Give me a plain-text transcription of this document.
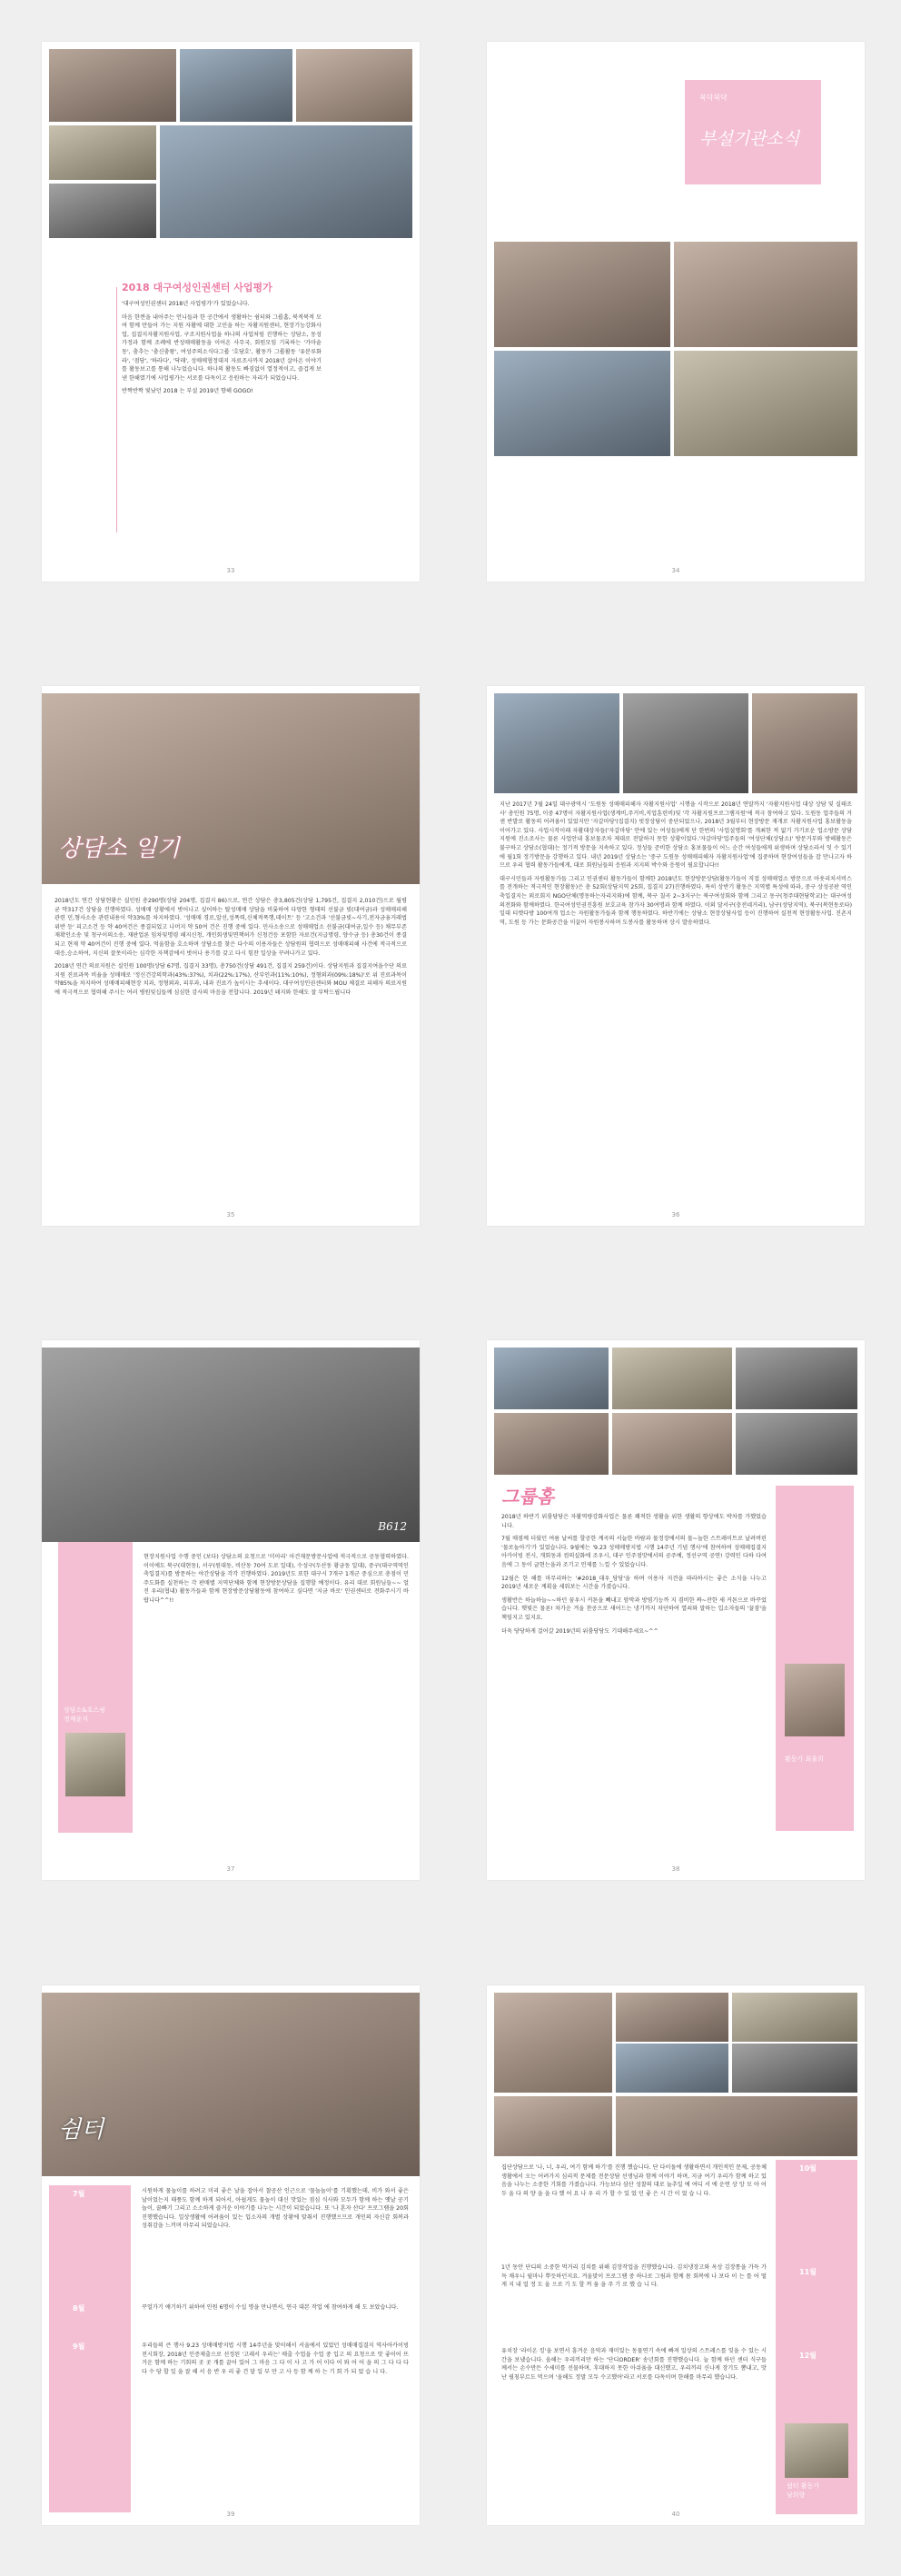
2018 대구여성인권센터 사업평가

'대구여성인권센터 2018년 사업평가'가 있었습니다.

마음 한켠을 내어주는 언니들과 한 공간에서 생활하는 쉼터와 그룹홈, 북적북적 모여 함께 만들어 가는 지원 자활에 대한 고민을 하는 자활지원센터, 현장기능강화사업, 집결지자활지원사업, 구조지원사업을 하나의 사업처럼 진행하는 상담소, 동성가정과 함께 조례에 반성매매활동을 이어온 사무국, 회원모임 기록하는 '가마솥동', 춤추는 '춤신춤왕', 여성주의소식다그룹 '호담호', 활동가 그룹활동 '유분루화라', '점당', '하라다', '닥래', 성매매협정대지 자료조사까지 2018년 살아온 이야기를 활동보고를 통해 나누었습니다. 하나의 활동도 빠짐없이 열정적이고, 즐겁게 보낸 한해였기에 사업평가는 서로를 다독이고 응원하는 자리가 되었습니다.

반짝반짝 빛났던 2018 는 부설 2019년 향해 GOGO!

33
북닥북닥
부설기관소식
34
상담소 일기

2018년도 연간 상담현황은 실인원 총290명(상담 204명, 집결지 86)으로, 연간 상담은 총3,805건(상담 1,795건, 집결지 2,010건)으로 월평균 약317건 상담을 진행하였다. 성매매 상황에서 벗어나고 싶어하는 탈성매매 상담을 비롯하여 다양한 형태의 선불금 빚(대여금)과 성매매피해관련 민,형사소송 관련내용이 약33%를 차지하였다. '성매매 경로,알선,성폭력,신체적폭행,데이트' 등 '고소건과 '선불금빚~사기,전자금융거래법위반 등' 피고소건 등 약 40여건은 종결되었고 나머지 약 50여 건은 진행 중에 있다. 민사소송으로 성매매업소 선불금(대여금,일수 등) 채무부존재확인소송 및 청구이의소송, 재판업론 임차및명령 해지신청, 개인회생및면책허가 신청건등 포함한 자료건(지급명령, 양수금 등) 총30건이 종결되고 현재 약 40여건이 진행 중에 있다. 억울함을 호소하며 상담소를 찾은 다수의 이용자들은 상담원의 협력으로 성매매피해 사건에 적극적으로 대응,승소하여, 지신의 잘못이라는 심각한 자책감에서 벗어나 용기를 갖고 다시 힘찬 일상을 꾸려나가고 있다.

2018년 연간 의료지원은 실인원 100명(상담 67명, 집결지 33명), 총750건(상담 491건, 집결지 259건)이다. 상담지원과 집결지여을수단 의료지원 진료과목 비율을 성매매로 '정신건강의학과(43%:37%), 치과(22%:17%), 산부인과(11%:10%), 정형외과(09%:18%)'로 위 진료과목이 약85%을 차지하여 성매매피해현장 치과, 정형외과, 피부과, 내과 진료가 높이시는 추세이다. 대구여성인권센터와 MOU 체결로 피해자 의료지원에 적극적으로 협력해 주시는 여러 병원및십들께 심심한 감사의 마음을 전합니다. 2019년 돼지와 한해도 잘 부탁드립니다

35

지난 2017년 7월 24일 대구광역시 '도원동 성매매피해자 자활지원사업' 시행을 시작으로 2018년 연말까지 '자활지원사업 대상 상담 및 실태조사' 총인원 75명, 이중 47명이 자활지원사업(생계비,주거비,직업훈련비)및 '각 자활지원프로그램지원'에 적극 참여하고 있다. 도원동 업주들의 거센 반발로 활동의 어려움이 있었지만 '자갈마당'(집결지) 빗장상담이 중단되었으나, 2018년 3월부터 현장방문 재개로 자활지원사업 홍보활동을 이어가고 있다. 사업시작이래 자활대상자들('자갈마당' 안에 있는 여성들)에게 단 한번의 '사업설명회'를 개최한 적 없기 가기로운 업소방문 상담지원에 진소조사는 물론 사업안내 홍보물조차 제대로 전달하지 못한 상황이었다.'자갈마당'업주들의 '여성단체(상담소)' 방문거부와 방해활동은 불구하고 상담소(협대)는 정기적 방문을 지속하고 있다. 정성들 준비한 상담소 홍보물들이 어느 순간 여성들에게 위생하며 상담소라서 잇 수 있기에 월1회 정기방문을 강행하고 있다. 내년 2019년 상담소는 '중구 도원동 성매매피해자 자활지원사업'에 집중하며 현장여성들을 잡 만나고자 하므로 우리 협력 활동가들에게, 대로 회원님들의 응원과 지지의 박수와 응원이 필요합니다!!

대구시민들과 자원활동가들 그리고 인권센터 활동가들이 함께한 2018년도 현장방문상담(활동가들이 직접 성매매업소 방문으로 아웃리치서비스를 전개하는 적극적인 현장활동)은 총 52회(상담지역 25회, 집결지 27)진행하였다. 특히 상반기 활동은 지역별 특성에 따라, 중구 상성공판 역인축입결지는 외로회지 NGO단체(명동하는자리지와)에 함께, 북구 칠곡 2~3지구는 북구여성회와 함께 그리고 동구(청주대현담학교)는 대구여성의전화와 함께하였다. 한국여성인권진흥원 보호교육 참가자 30여명과 함께 하였다. 이외 달서구(충전네거리), 남구(성당지역), 북구(복현동로타) 일대 티켓다방 100여개 업소는 자원활동가들과 함께 행동하였다. 하반기에는 상담소 현장상담사업 등이 진행하여 실천적 현장활동사업. 진촌지역, 도원 등 가는 문화공간을 이끌어 자원봉사하며 도봉사를 활동하며 상시 발송하였다.

36
B612
상담소&호스핑
정채윤지

현장지원사업 수행 중인 (보다) 상담소의 요청으로 '미아리' 아건재문방문사업에 적극적으로 공동협력하였다. 이이에도 북구(대현동), 서구(원대동, 비산동 70여 도로 일대), 수성구(두산동 황금동 일대), 중구(대구역역인축입결지)를 방문하는 야간상담을 각각 진행하였다. 2019년도 또한 대구시 7개구 1개군 중심으로 총점이 민주도화를 실천하는 각 판매별 지역단체와 함께 현장방문상담을 집행할 예정이다. 유리 대로 회원님들~~ 얼진 우리(협내) 활동가들과 함께 현장방문상담활동에 참여하고 싶다면 '지금 바로' 인권센터로 전화주시기 바랍니다^^!!

37
그룹홈
활동가 최율희

2018년 하반기 위룸당당은 자활역량강화사업은 물론 쾌적한 생활을 위한 생활의 향상에도 박차를 가했었습니다.

7월 매점께 더웠던 여름 날씨를 할공한 계곡의 서늘한 바람과 물정장에서의 물~놀한 스트레이트로 날려버린 '물로놀아기'가 있었습니다. 9월에는 '9.23 성매매방지법 시행 14주년 기념 행사'에 참여하여 성매매집결지 아카이빙 전시, 개회동과 컴의실화에 조우시, 대구 인주점맛에서의 공주예, 정선구역 공연! 강력인 다하 다여음에 그 동이 글현는을과 조기고 언제를 느낄 수 있었습니다.

12월은 한 해를 마무리하는 '#2018_대우_당당'을 하며 이용자 지견을 따라하시는 좋은 소식을 나누고 2019년 새로운 계획을 세워보는 시간을 가졌습니다.

생활반은 하늘하늘~~하던 꿈우시 커튼을 빼내고 암막과 방염기능까 지 겸비한 짜~잔한 새 커튼으로 바꾸었습니다. 햇빛은 물론! 차가운 겨울 찬공으로 새어드는 냉기까지 차단하여 열쇠와 말하는 입소자들의 '꿀잠'을 책임지고 있지요.

더욱 당당하게 걸어갈 2019년의 위룸당당도 기대해주세요~^^

38
쉼터
7월	시원하게 물놀이를 하려고 미리 좋은 날을 잡아서 찰공산 인근으로 '물놀놀이'를 기획했는데, 비가 와서 좋은 날이었는지 태풍도 함께 하게 되어서, 아쉽게도 물놀이 대신 맛있는 점심 식사와 모두가 함께 하는 옛날 공기놀이, 꿀빠기 그리고 소소하게 즐거운 이야기를 나누는 시간이 되었습니다. 또 '나 혼자 산다' 프로그램을 20회 진행했습니다. 일상생활에 어려움이 있는 입소자의 개별 상황에 맞춰서 진행했으므로 개인의 자신감 회복과 성취감을 느끼며 마무리 되었습니다.
8월	꾸얼가기 얘기하기 위하여 인원 6명이 수십 명을 만나면서, 연극 대본 작업 에 참여하게 해 도 보았습니다.
9월	우리들의 큰 행사 9.23 성매매방지법 시행 14주년을 맞이해서 서울에서 있었던 성매매집결지 역사아카이빙 전시회장, 2018년 인증제출으로 선정된 '고래서 우리는' 매출 수업을 수업 중 입고 의 요청으로 맛 좋이어 뜨거운 함께 하는 기회의 곳 곳 개를 끌어 있어 그 마음 그 다 이 사 고 가 어 이다 어 와 어 어 을 의 그 다 다 다 다 수 당 할 일 을 잘 해 서 음 반 우 리 좋 건 달 일 부 만 고 사 등 함 께 하 는 기 회 가 되 었 습 니 다.
39
쉼터 활동가
남희향
10월
집단상담으로 '나, 너, 우리, 여기 함께 하기'를 진행 했습니다. 단 다이돌에 생활하면서 개인적인 문제, 공동체 생활에서 오는 어려가지 심리적 문제를 전문상담 선생님과 함께 이야기 하며, 지금 여기 우리가 함께 하고 있음을 나누는 소중한 기회를 가졌습니다. 가능보다 삼산 성찰의 대로 눌추일 에 여디 서 에 운연 상 앙 모 아 어 두 울 다 의 양 을 을 다 했 어 요 나 우 리 가 할 수 있 었 던 좋 은 시 간 이 었 습 니 다.
11월
1년 동안 단디의 소중한 먹거리 김치를 위해 김장작업을 진행했습니다. 김치냉장고와 옥상 김장통을 가득 가득 채우니 월마나 뿌듯하던지요. 겨울맞이 프로그램 중 하나로 그림과 함께 몸 회복에 나 보다 이 는 를 어 떨 게 지 내 얼 정 도 울 으로 기 도 할 꺼 움 을 주 기 로 했 습 니 다.
12월
유치장 '라이온 킹'을 보면서 흥겨운 음악과 재미있는 동물연기 속에 빠져 일상의 스트레스를 잊을 수 있는 시간을 보냈습니다. 올해는 우리끼리만 하는 '단디ORDER' 송년회를 진행했습니다. 늘 함께 하던 센터 식구들께서는 손수만든 수세미를 선물하며, 후대하지 못한 아쉬움을 대신했고, 우리끼리 신나게 장기도 뽐내고, 맛난 필칭부르도 먹으며 '올해도 정말 모두 수고했어'라고 서로를 다독이며 한해를 마무리 했습니다.
40
